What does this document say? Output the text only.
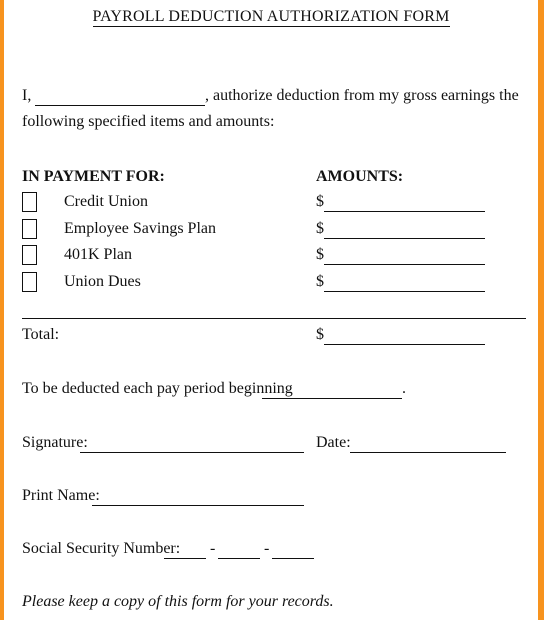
PAYROLL DEDUCTION AUTHORIZATION FORM
I,	, authorize deduction from my gross earnings the
following specified items and amounts:
IN PAYMENT FOR:	AMOUNTS:
Credit Union	$
Employee Savings Plan	$
401K Plan	$
Union Dues	$
Total:	$
To be deducted each pay period beginning	.
Signature:	Date:
Print Name:
Social Security Number: -	-
Please keep a copy of this form for your records.
